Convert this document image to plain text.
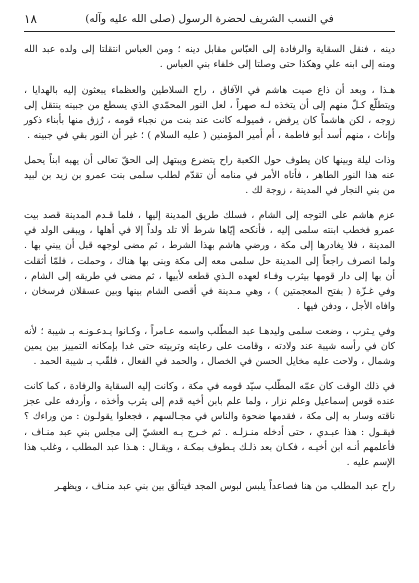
في النسب الشريف لحضرة الرسول (صلى الله عليه وآله)
١٨

دينه ، فنقل السقاية والرفادة إلى العبّاس مقابل دينه ؛ ومن العباس انتقلتا إلى ولده عبد الله ومنه إلى ابنه علي وهكذا حتى وصلتا إلى خلفاء بني العباس .

هـذا ، وبعد أن ذاع صيت هاشم في الآفاق ، راح السلاطين والعظماء يبعثون إليه بالهدايا ، ويتطلّع كـلّ منهم إلى أن يتخذه لـه صهراً ، لعل النور المحمّدي الذي يسطع من جبينه ينتقل إلى زوجه ، لكن هاشماً كان يرفض ، فميولـه كانت عند بنت من نجباء قومه ، رُزق منها بأبناء ذكور وإناث ، منهم أسد أبو فاطمة ، أم أمير المؤمنين ( عليه السلام ) ؛ غير أن النور بقي في جبينه .

وذات ليلة وبينها كان يطوف حول الكعبة راح يتضرع ويبتهل إلى الحقّ تعالى أن يهبه ابناً يحمل عنه هذا النور الطاهر ، فأتاه الأمر في منامه أن تقدّم لطلب سلمى بنت عمرو بن زيد بن لبيد من بني النجار في المدينة ، زوجة لك .

عزم هاشم على التوجه إلى الشام ، فسلك طريق المدينة إليها ، فلما قـدم المدينة قصد بيت عمرو فخطب ابنته سلمى إليه ، فأنكحه إيّاها شرط ألا تلد ولداً إلا في أهلها ، ويبقى الولد في المدينة ، فلا يغادرها إلى مكة ، ورضي هاشم بهذا الشرط ، ثم مضى لوجهه قبل أن يبني بها . ولما انصرف راجعاً إلى المدينة حل سلمى معه إلى مكة وبنى بها هناك ، وحملت ، فلمّا أثقلت أن بها إلى دار قومها بيثرب وفـاء لعهده الـذي قطعه لأبيها ، ثم مضى في طريقه إلى الشام ، وفي غـزّة ( بفتح المعجمتين ) ، وهي مـدينة في أقصى الشام بينها وبين عسقلان فرسخان ، وافاه الأجل ، ودفن فيها .

وفي يـثرب ، وضعت سلمى وليدهـا عبد المطّلب واسمه عـامراً ، وكـانوا يـدعـونـه بـ شيبة ؛ لأنه كان في رأسه شيبة عند ولادته ، وقامت على رعايته وتربيته حتى غدا بإمكانه التمييز بين يمين وشمال ، ولاحت عليه مخايل الحسن في الخصال ، والحمد في الفعال ، فلقّب بـ شيبة الحمد .

في ذلك الوقت كان عمّه المطّلب سيّد قومه في مكة ، وكانت إليه السقاية والرفادة ، كما كانت عنده قوس إسماعيل وعلم نزار ، ولما علم بابن أخيه قدم إلى يثرب وأخذه ، وأردفه على عجز ناقته وسار به إلى مكة ، فقدمها ضحوة والناس في مجـالسهم ، فجعلوا يقولـون : من وراءك ؟ فيقـول : هذا عبـدي ، حتى أدخله منـزلـه . ثم خـرج بـه العشيّ إلى مجلس بني عبد منـاف ، فأعلمهم أنـه ابن أخيـه ، فكـان بعد ذلـك يـطوف بمكـة ، ويقـال : هـذا عبد المطلب ، وغلب هذا الإسم عليه .

راح عبد المطلب من هنا فصاعداً يلبس لبوس المجد فيتألق بين بني عبد منـاف ، ويظهـر
